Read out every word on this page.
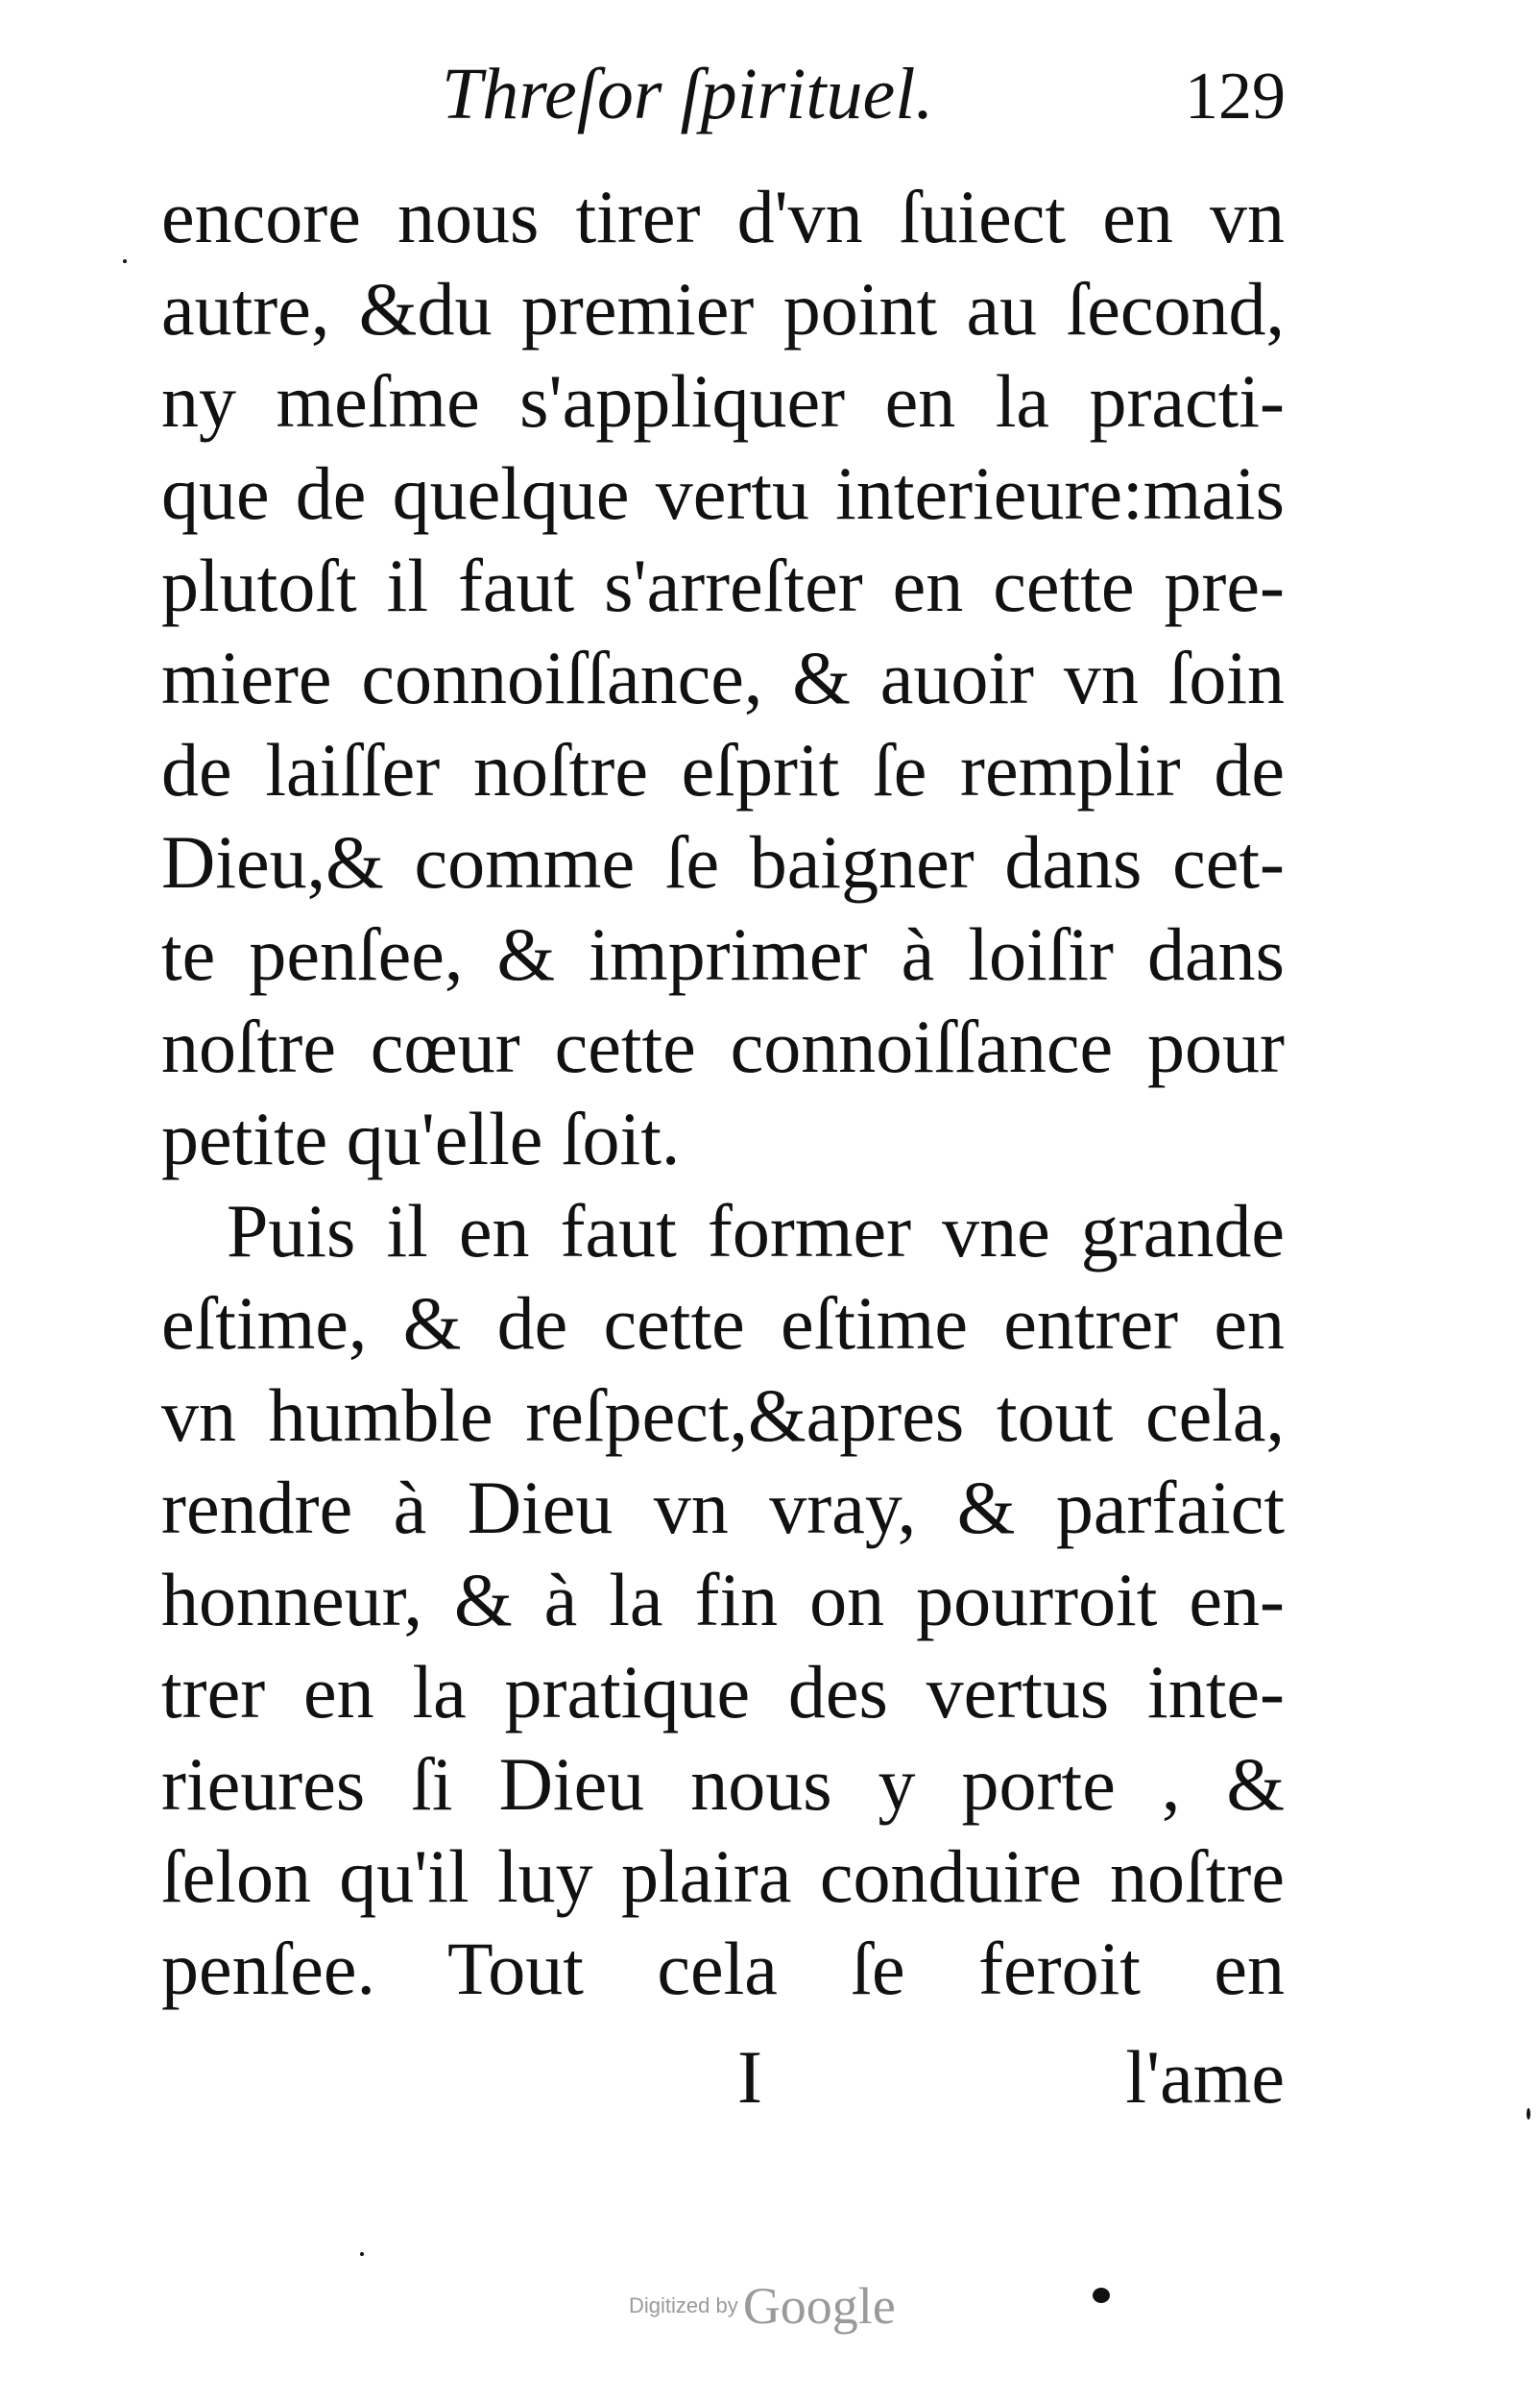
Threſor ſpirituel.	129
encore nous tirer d'vn ſuiect en vn
autre, &du premier point au ſecond,
ny meſme s'appliquer en la practi-
que de quelque vertu interieure:mais
plutoſt il faut s'arreſter en cette pre-
miere connoiſſance, & auoir vn ſoin
de laiſſer noſtre eſprit ſe remplir de
Dieu,& comme ſe baigner dans cet-
te penſee, & imprimer à loiſir dans
noſtre cœur cette connoiſſance pour
petite qu'elle ſoit.
Puis il en faut former vne grande
eſtime, & de cette eſtime entrer en
vn humble reſpect,&apres tout cela,
rendre à Dieu vn vray, & parfaict
honneur, & à la fin on pourroit en-
trer en la pratique des vertus inte-
rieures ſi Dieu nous y porte , &
ſelon qu'il luy plaira conduire noſtre
penſee. Tout cela ſe feroit en
I	l'ame
Digitized by Google
